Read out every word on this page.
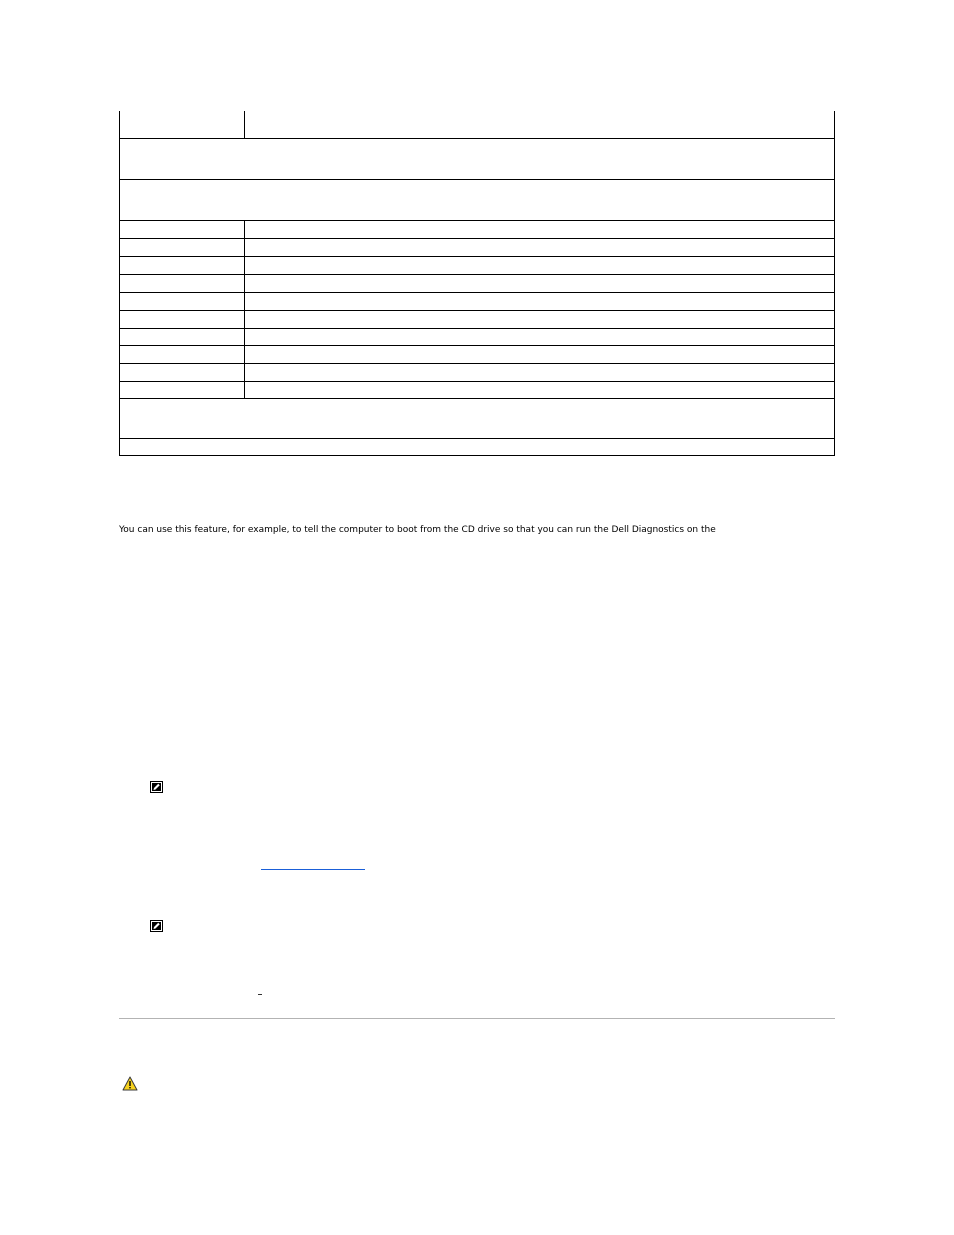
You can use this feature, for example, to tell the computer to boot from the CD drive so that you can run the Dell Diagnostics on the
